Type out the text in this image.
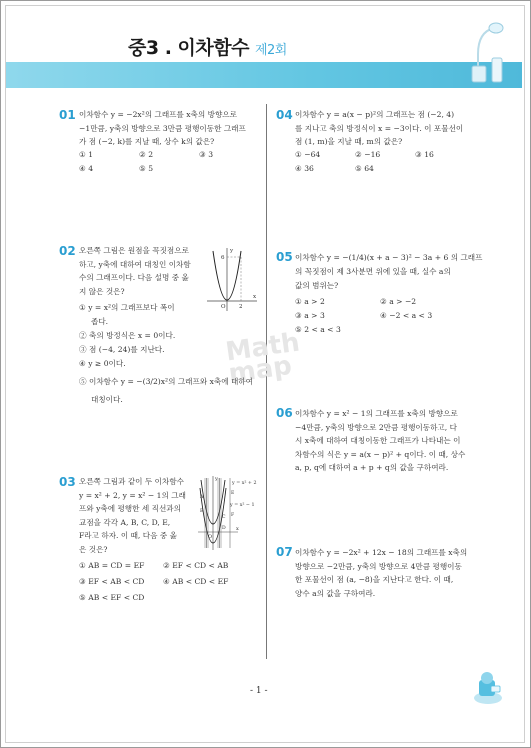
중3 . 이차함수 제2회
Math map
01 이차함수 y = −2x²의 그래프를 x축의 방향으로
−1만큼, y축의 방향으로 3만큼 평행이동한 그래프
가 점 (−2, k)를 지날 때, 상수 k의 값은?
① 1	② 2	③ 3
④ 4	⑤ 5
02 오른쪽 그림은 원점을 꼭짓점으로
하고, y축에 대하여 대칭인 이차함
수의 그래프이다. 다음 설명 중 옳
지 않은 것은?
① y = x²의 그래프보다 폭이
좁다.
② 축의 방정식은 x = 0이다.
③ 점 (−4, 24)를 지난다.
④ y ≥ 0이다.
⑤ 이차함수 y = −(3/2)x²의 그래프와 x축에 대하여
대칭이다.
y
x
O 2
6
03 오른쪽 그림과 같이 두 이차함수
y = x² + 2, y = x² − 1의 그래
프와 y축에 평행한 세 직선과의
교점을 각각 A, B, C, D, E,
F라고 하자. 이 때, 다음 중 옳
은 것은?
① AB = CD = EF ② EF < CD < AB
③ EF < AB < CD ④ AB < CD < EF
⑤ AB < EF < CD
y = x² + 2
y = x² − 1
y
x
O
A
B
C
D
E
F
04 이차함수 y = a(x − p)²의 그래프는 점 (−2, 4)
를 지나고 축의 방정식이 x = −3이다. 이 포물선이
점 (1, m)을 지날 때, m의 값은?
① −64	② −16	③ 16
④ 36	⑤ 64
05 이차함수 y = −(1/4)(x + a − 3)² − 3a + 6 의 그래프
의 꼭짓점이 제 3사분면 위에 있을 때, 실수 a의
값의 범위는?
① a > 2	② a > −2
③ a > 3	④ −2 < a < 3
⑤ 2 < a < 3
06 이차함수 y = x² − 1의 그래프를 x축의 방향으로
−4만큼, y축의 방향으로 2만큼 평행이동하고, 다
시 x축에 대하여 대칭이동한 그래프가 나타내는 이
차함수의 식은 y = a(x − p)² + q이다. 이 때, 상수
a, p, q에 대하여 a + p + q의 값을 구하여라.
07 이차함수 y = −2x² + 12x − 18의 그래프를 x축의
방향으로 −2만큼, y축의 방향으로 4만큼 평행이동
한 포물선이 점 (a, −8)을 지난다고 한다. 이 때,
양수 a의 값을 구하여라.
- 1 -
